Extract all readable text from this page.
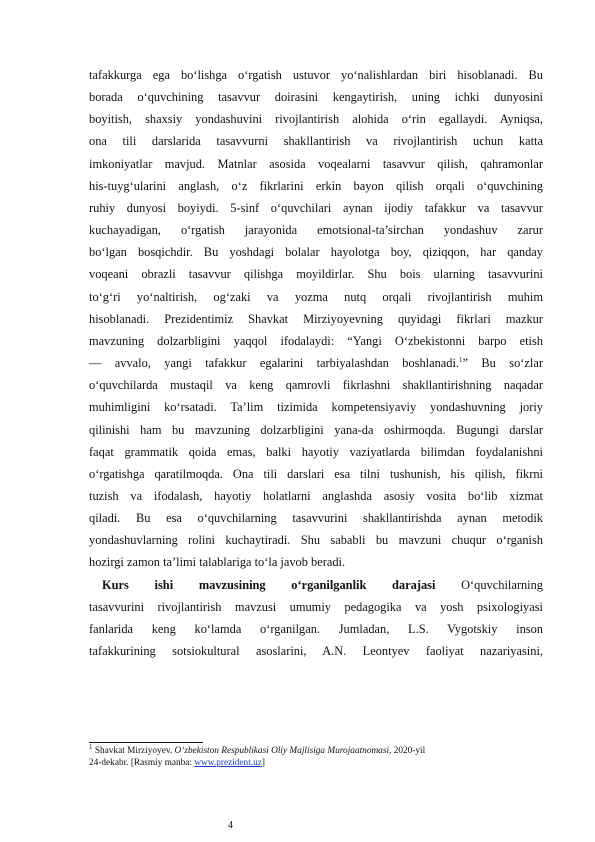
tafakkurga ega bo‘lishga o‘rgatish ustuvor yo‘nalishlardan biri hisoblanadi. Bu
borada o‘quvchining tasavvur doirasini kengaytirish, uning ichki dunyosini
boyitish, shaxsiy yondashuvini rivojlantirish alohida o‘rin egallaydi. Ayniqsa,
ona tili darslarida tasavvurni shakllantirish va rivojlantirish uchun katta
imkoniyatlar mavjud. Matnlar asosida voqealarni tasavvur qilish, qahramonlar
his-tuyg‘ularini anglash, o‘z fikrlarini erkin bayon qilish orqali o‘quvchining
ruhiy dunyosi boyiydi. 5-sinf o‘quvchilari aynan ijodiy tafakkur va tasavvur
kuchayadigan, o‘rgatish jarayonida emotsional-ta’sirchan yondashuv zarur
bo‘lgan bosqichdir. Bu yoshdagi bolalar hayolotga boy, qiziqqon, har qanday
voqeani obrazli tasavvur qilishga moyildirlar. Shu bois ularning tasavvurini
to‘g‘ri yo‘naltirish, og‘zaki va yozma nutq orqali rivojlantirish muhim
hisoblanadi. Prezidentimiz Shavkat Mirziyoyevning quyidagi fikrlari mazkur
mavzuning dolzarbligini yaqqol ifodalaydi: “Yangi O‘zbekistonni barpo etish
— avvalo, yangi tafakkur egalarini tarbiyalashdan boshlanadi.$^1$” Bu so‘zlar
o‘quvchilarda mustaqil va keng qamrovli fikrlashni shakllantirishning naqadar
muhimligini ko‘rsatadi. Ta’lim tizimida kompetensiyaviy yondashuvning joriy
qilinishi ham bu mavzuning dolzarbligini yana-da oshirmoqda. Bugungi darslar
faqat grammatik qoida emas, balki hayotiy vaziyatlarda bilimdan foydalanishni
o‘rgatishga qaratilmoqda. Ona tili darslari esa tilni tushunish, his qilish, fikrni
tuzish va ifodalash, hayotiy holatlarni anglashda asosiy vosita bo‘lib xizmat
qiladi. Bu esa o‘quvchilarning tasavvurini shakllantirishda aynan metodik
yondashuvlarning rolini kuchaytiradi. Shu sababli bu mavzuni chuqur o‘rganish
hozirgi zamon ta’limi talablariga to‘la javob beradi.
Kurs ishi mavzusining o‘rganilganlik darajasi O‘quvchilarning
tasavvurini rivojlantirish mavzusi umumiy pedagogika va yosh psixologiyasi
fanlarida keng ko‘lamda o‘rganilgan. Jumladan, L.S. Vygotskiy inson
tafakkurining sotsiokultural asoslarini, A.N. Leontyev faoliyat nazariyasini,
$^1$ Shavkat Mirziyoyev. O‘zbekiston Respublikasi Oliy Majlisiga Murojaatnomasi, 2020-yil
24-dekabr. [Rasmiy manba: www.prezident.uz]
4
